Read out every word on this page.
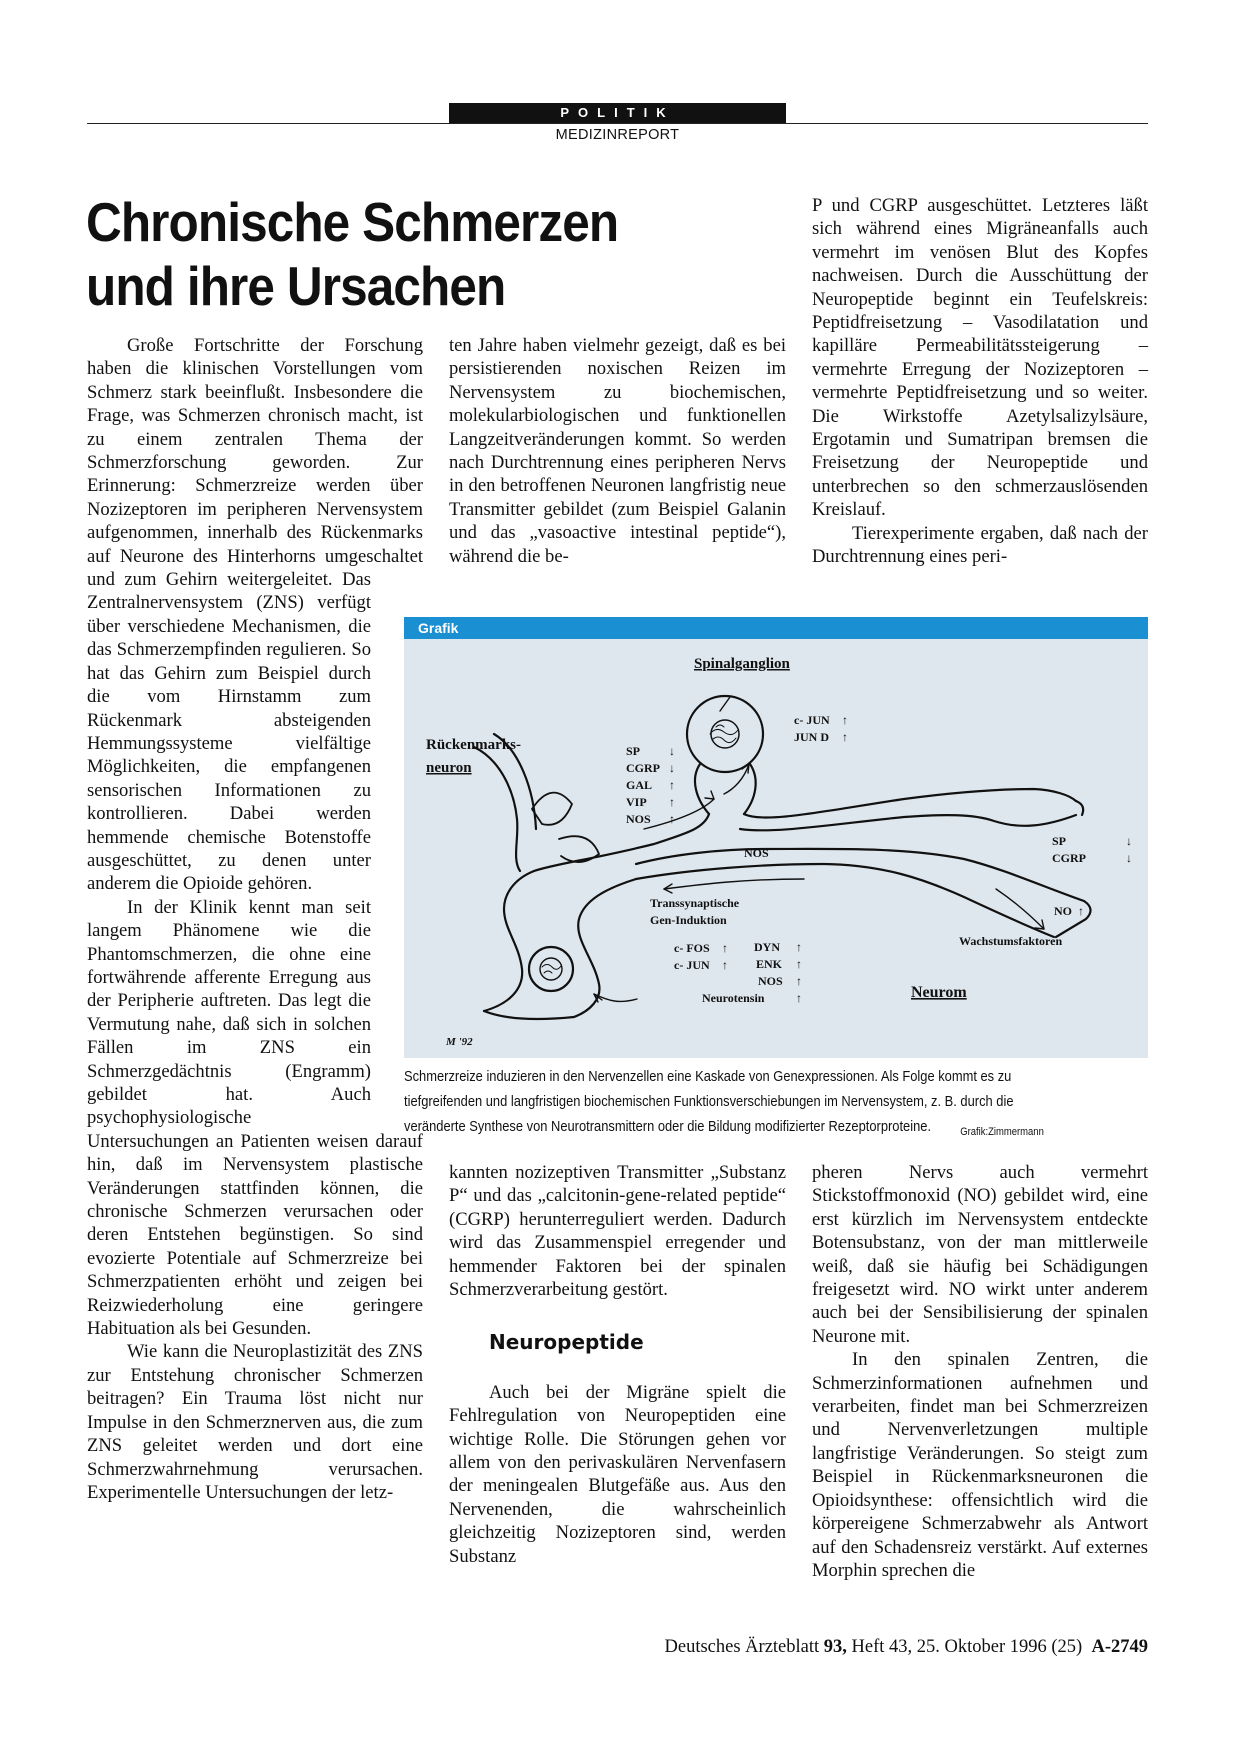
POLITIK
MEDIZINREPORT
Chronische Schmerzen
und ihre Ursachen

Große Fortschritte der Forschung haben die klinischen Vorstellungen vom Schmerz stark beeinflußt. Insbesondere die Frage, was Schmerzen chronisch macht, ist zu einem zentralen Thema der Schmerzforschung geworden. Zur Erinnerung: Schmerzreize werden über Nozizeptoren im peripheren Nervensystem aufgenommen, innerhalb des Rückenmarks auf Neurone des Hinterhorns umgeschaltet und zum Gehirn weitergeleitet. Das Zentralnervensystem (ZNS) verfügt über verschiedene Mechanismen, die das Schmerzempfinden regulieren. So hat das Gehirn zum Beispiel durch die vom Hirnstamm zum Rückenmark absteigenden Hemmungssysteme vielfältige Möglichkeiten, die empfangenen sensorischen Informationen zu kontrollieren. Dabei werden hemmende chemische Botenstoffe ausgeschüttet, zu denen unter anderem die Opioide gehören.

In der Klinik kennt man seit langem Phänomene wie die Phantomschmerzen, die ohne eine fortwährende afferente Erregung aus der Peripherie auftreten. Das legt die Vermutung nahe, daß sich in solchen Fällen im ZNS ein Schmerzgedächtnis (Engramm) gebildet hat. Auch psychophysiologische Untersuchungen an Patienten weisen darauf hin, daß im Nervensystem plastische Veränderungen stattfinden können, die chronische Schmerzen verursachen oder deren Entstehen begünstigen. So sind evozierte Potentiale auf Schmerzreize bei Schmerzpatienten erhöht und zeigen bei Reizwiederholung eine geringere Habituation als bei Gesunden.

Wie kann die Neuroplastizität des ZNS zur Entstehung chronischer Schmerzen beitragen? Ein Trauma löst nicht nur Impulse in den Schmerznerven aus, die zum ZNS geleitet werden und dort eine Schmerzwahrnehmung verursachen. Experimentelle Untersuchungen der letz-

ten Jahre haben vielmehr gezeigt, daß es bei persistierenden noxischen Reizen im Nervensystem zu biochemischen, molekularbiologischen und funktionellen Langzeitveränderungen kommt. So werden nach Durchtrennung eines peripheren Nervs in den betroffenen Neuronen langfristig neue Transmitter gebildet (zum Beispiel Galanin und das „vasoactive intestinal peptide“), während die be-

P und CGRP ausgeschüttet. Letzteres läßt sich während eines Migräneanfalls auch vermehrt im venösen Blut des Kopfes nachweisen. Durch die Ausschüttung der Neuropeptide beginnt ein Teufelskreis: Peptidfreisetzung – Vasodilatation und kapilläre Permeabilitätssteigerung – vermehrte Erregung der Nozizeptoren – vermehrte Peptidfreisetzung und so weiter. Die Wirkstoffe Azetylsalizylsäure, Ergotamin und Sumatripan bremsen die Freisetzung der Neuropeptide und unterbrechen so den schmerzauslösenden Kreislauf.

Tierexperimente ergaben, daß nach der Durchtrennung eines peri-

Grafik
SP ↓
CGRP ↓
GAL ↑
VIP ↑
NOS ↑
Spinalganglion
Rückenmarks-
neuron
c- JUN ↑
JUN D ↑
NOS
Transsynaptische
Gen-Induktion
SP	↓
CGRP	↓
NO ↑
Wachstumsfaktoren
c- FOS ↑
c- JUN ↑
DYN ↑
ENK ↑
NOS ↑
Neurotensin	↑	Neurom
M '92
Schmerzreize induzieren in den Nervenzellen eine Kaskade von Genexpressionen. Als Folge kommt es zu tiefgreifenden und langfristigen biochemischen Funktionsverschiebungen im Nervensystem, z. B. durch die veränderte Synthese von Neurotransmittern oder die Bildung modifizierter Rezeptorproteine.	Grafik:Zimmermann

kannten nozizeptiven Transmitter „Substanz P“ und das „calcitonin-gene-related peptide“ (CGRP) herunterreguliert werden. Dadurch wird das Zusammenspiel erregender und hemmender Faktoren bei der spinalen Schmerzverarbeitung gestört.

Neuropeptide

Auch bei der Migräne spielt die Fehlregulation von Neuropeptiden eine wichtige Rolle. Die Störungen gehen vor allem von den perivaskulären Nervenfasern der meningealen Blutgefäße aus. Aus den Nervenenden, die wahrscheinlich gleichzeitig Nozizeptoren sind, werden Substanz

pheren Nervs auch vermehrt Stickstoffmonoxid (NO) gebildet wird, eine erst kürzlich im Nervensystem entdeckte Botensubstanz, von der man mittlerweile weiß, daß sie häufig bei Schädigungen freigesetzt wird. NO wirkt unter anderem auch bei der Sensibilisierung der spinalen Neurone mit.

In den spinalen Zentren, die Schmerzinformationen aufnehmen und verarbeiten, findet man bei Schmerzreizen und Nervenverletzungen multiple langfristige Veränderungen. So steigt zum Beispiel in Rückenmarksneuronen die Opioidsynthese: offensichtlich wird die körpereigene Schmerzabwehr als Antwort auf den Schadensreiz verstärkt. Auf externes Morphin sprechen die

Deutsches Ärzteblatt 93, Heft 43, 25. Oktober 1996 (25) A-2749
